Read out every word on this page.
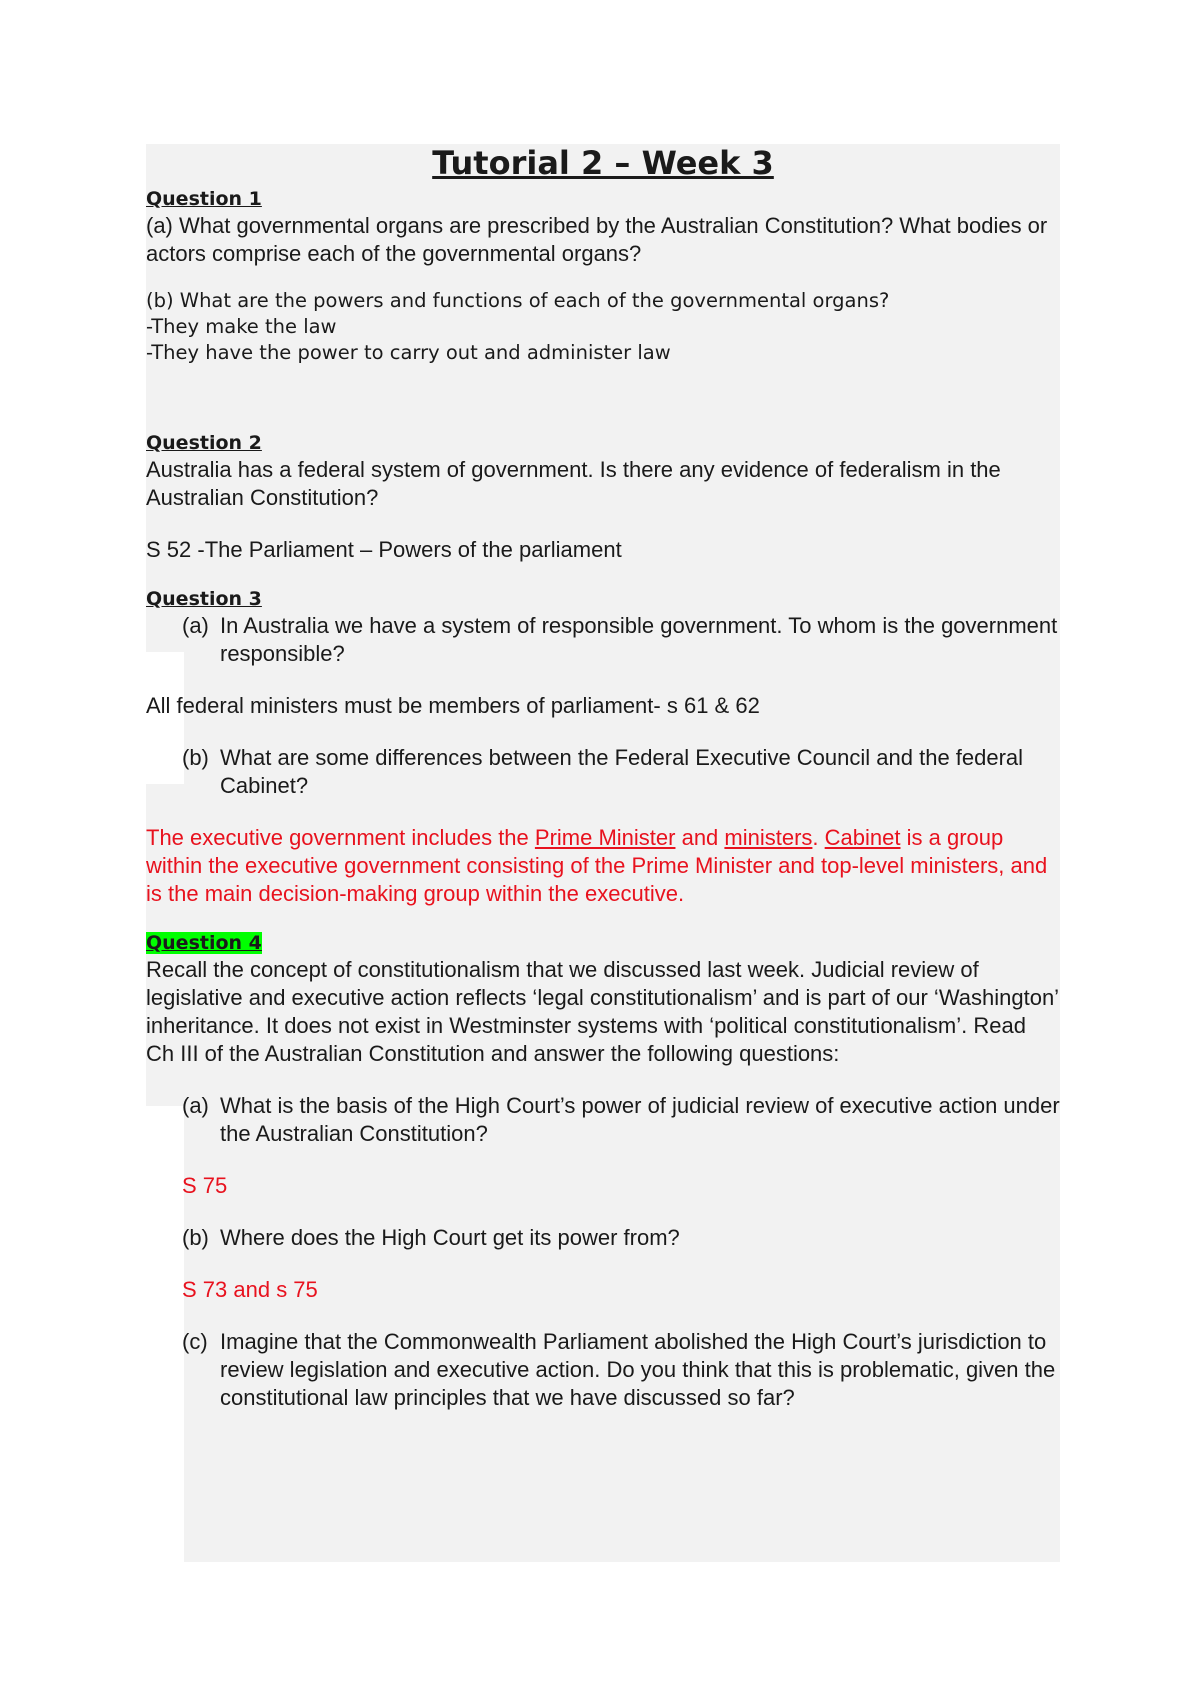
Tutorial 2 – Week 3
Question 1

(a) What governmental organs are prescribed by the Australian Constitution? What bodies or actors comprise each of the governmental organs?

(b) What are the powers and functions of each of the governmental organs?

-They make the law

-They have the power to carry out and administer law

Question 2

Australia has a federal system of government. Is there any evidence of federalism in the Australian Constitution?

S 52 -The Parliament – Powers of the parliament

Question 3
(a) In Australia we have a system of responsible government. To whom is the government responsible?

All federal ministers must be members of parliament- s 61 & 62

(b) What are some differences between the Federal Executive Council and the federal Cabinet?

The executive government includes the Prime Minister and ministers. Cabinet is a group within the executive government consisting of the Prime Minister and top-level ministers, and is the main decision-making group within the executive.

Question 4

Recall the concept of constitutionalism that we discussed last week. Judicial review of legislative and executive action reflects ‘legal constitutionalism’ and is part of our ‘Washington’ inheritance. It does not exist in Westminster systems with ‘political constitutionalism’. Read Ch III of the Australian Constitution and answer the following questions:

(a) What is the basis of the High Court’s power of judicial review of executive action under the Australian Constitution?

S 75

(b) Where does the High Court get its power from?

S 73 and s 75

(c) Imagine that the Commonwealth Parliament abolished the High Court’s jurisdiction to review legislation and executive action. Do you think that this is problematic, given the constitutional law principles that we have discussed so far?
